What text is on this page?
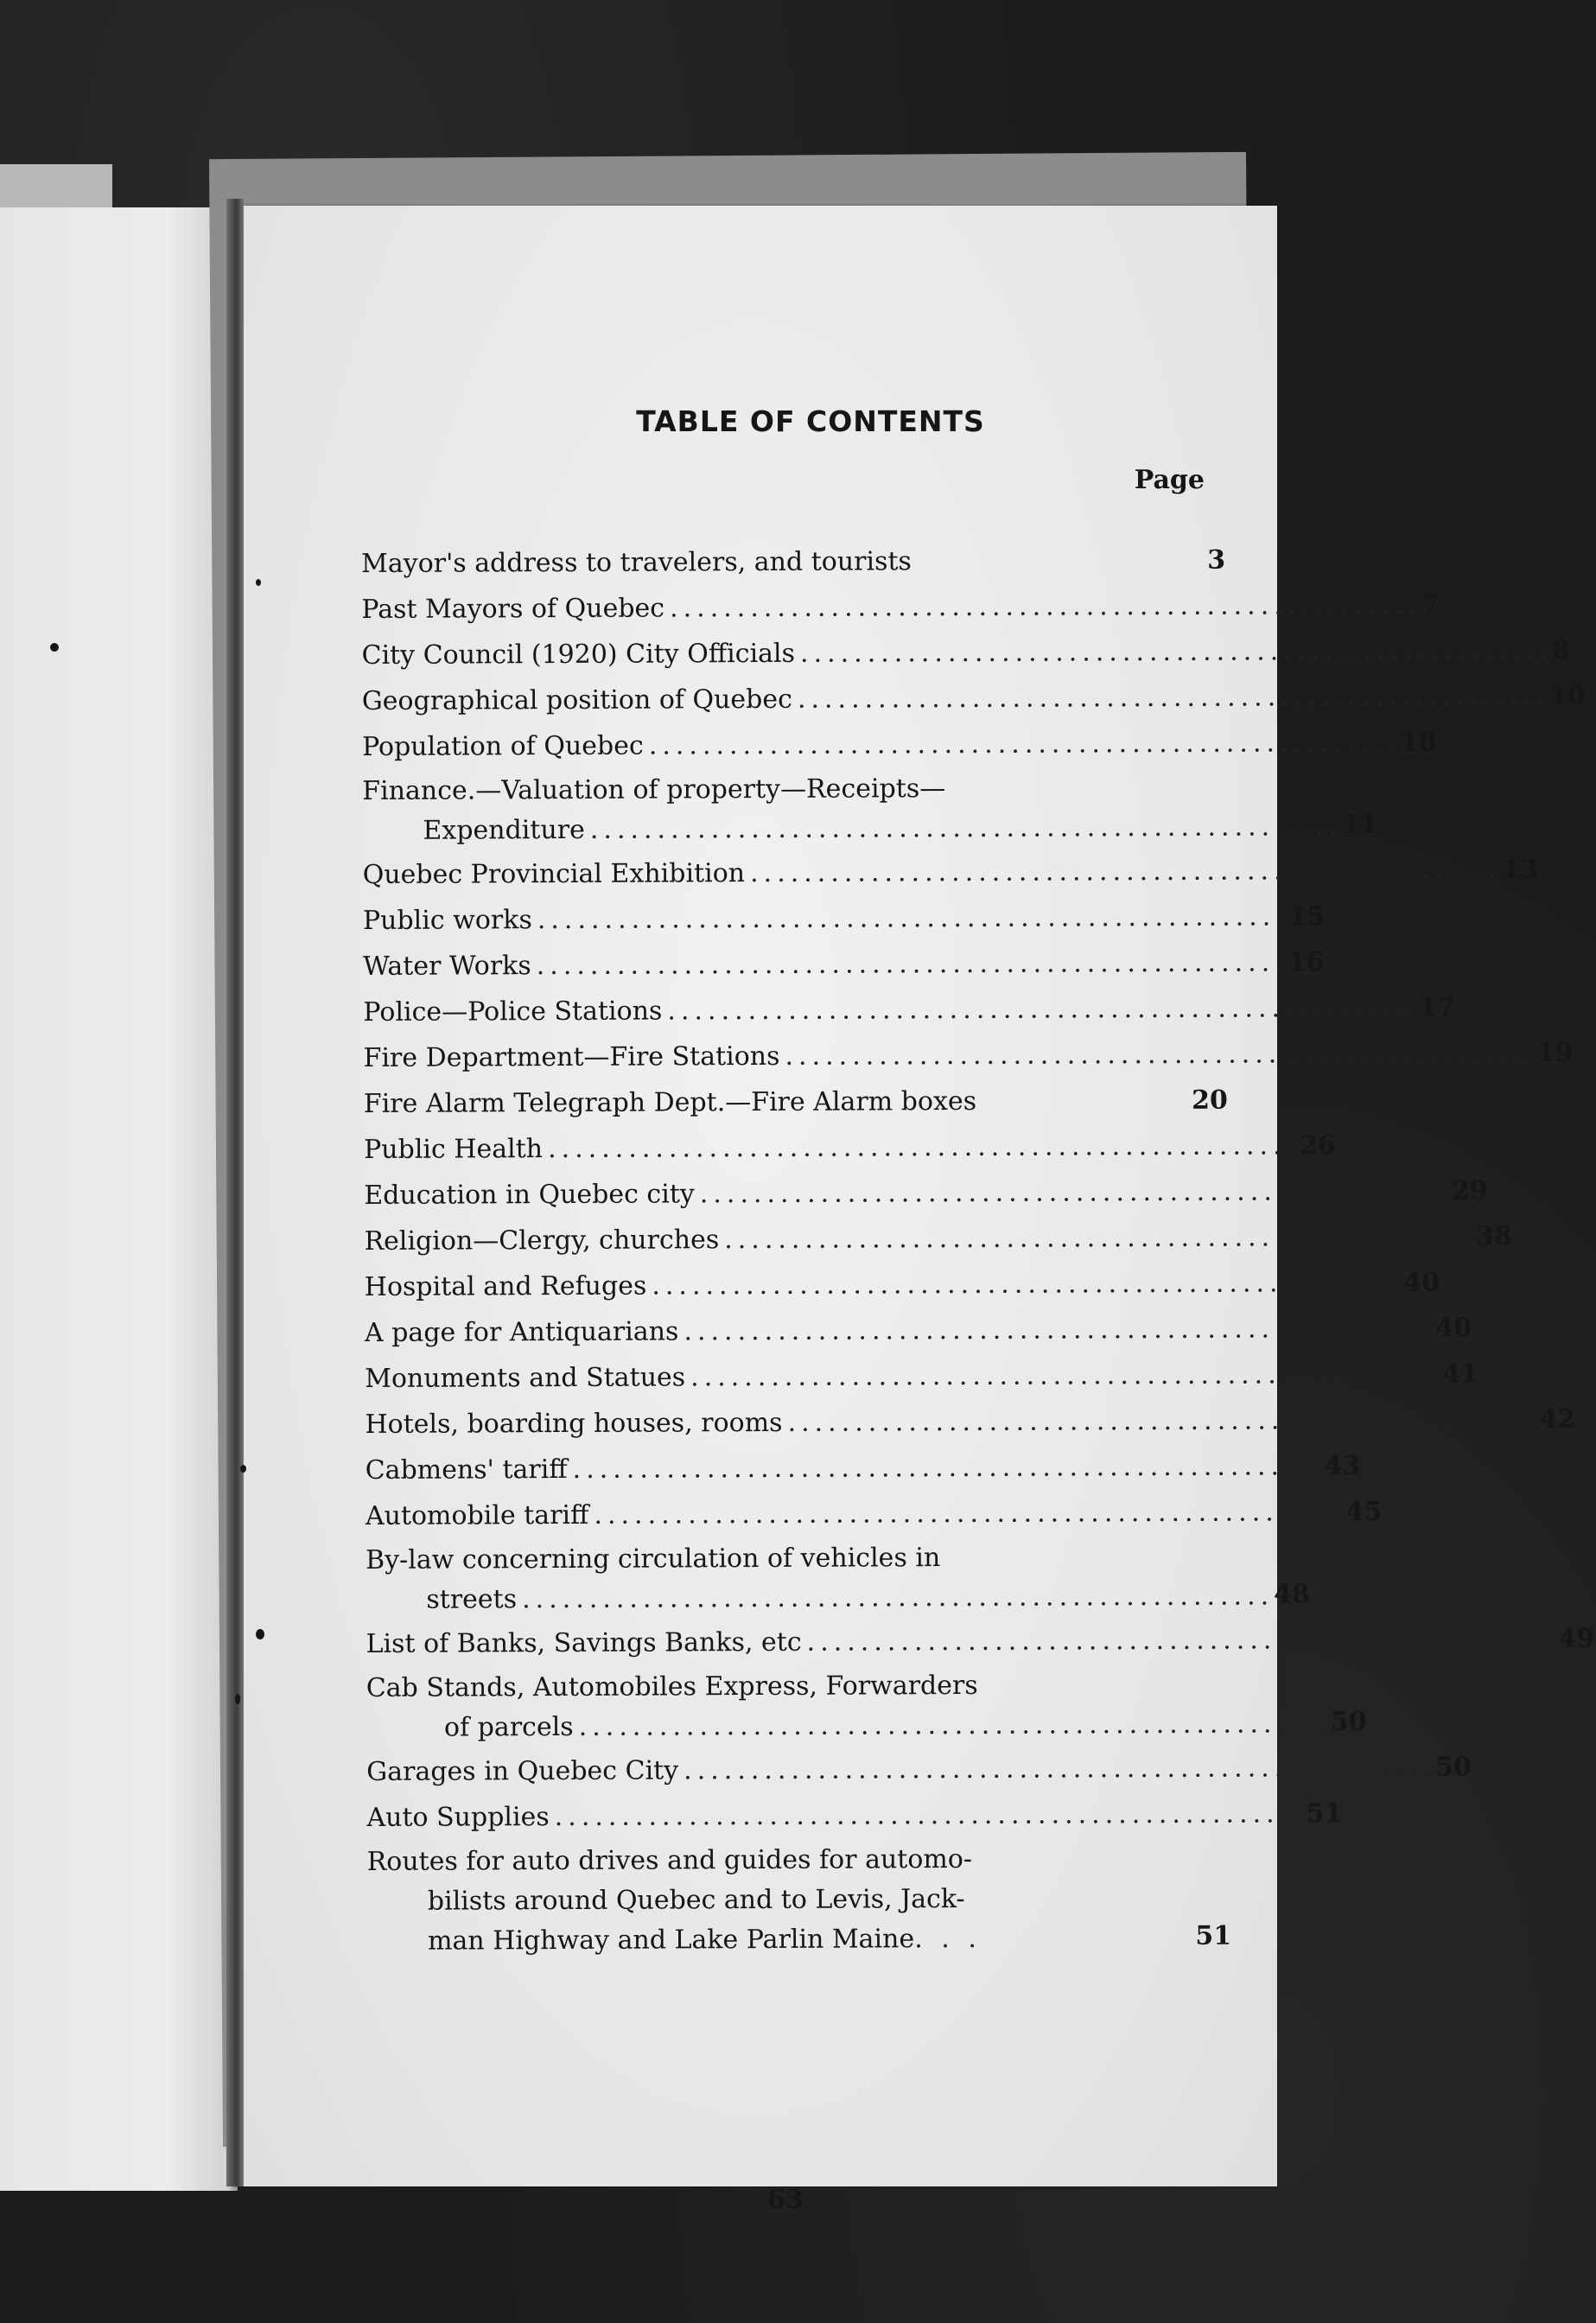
TABLE OF CONTENTS
Page
Mayor's address to travelers, and tourists	3
Past Mayors of Quebec ........................................................ 7
City Council (1920) City Officials ........................................................ 8
Geographical position of Quebec ........................................................ 10
Population of Quebec ........................................................ 10
Finance.—Valuation of property—Receipts—
Expenditure ........................................................ 11
Quebec Provincial Exhibition ........................................................ 13
Public works ........................................................ 15
Water Works ........................................................ 16
Police—Police Stations ........................................................ 17
Fire Department—Fire Stations ........................................................ 19
Fire Alarm Telegraph Dept.—Fire Alarm boxes	20
Public Health ........................................................ 26
Education in Quebec city ........................................................ 29
Religion—Clergy, churches ........................................................ 38
Hospital and Refuges ........................................................ 40
A page for Antiquarians ........................................................ 40
Monuments and Statues ........................................................ 41
Hotels, boarding houses, rooms ........................................................ 42
Cabmens' tariff ........................................................ 43
Automobile tariff ........................................................ 45
By-law concerning circulation of vehicles in
streets ........................................................ 48
List of Banks, Savings Banks, etc ........................................................ 49
Cab Stands, Automobiles Express, Forwarders
of parcels ........................................................ 50
Garages in Quebec City ........................................................ 50
Auto Supplies ........................................................ 51
Routes for auto drives and guides for automo-
bilists around Quebec and to Levis, Jack-
man Highway and Lake Parlin Maine. . .	51
63
